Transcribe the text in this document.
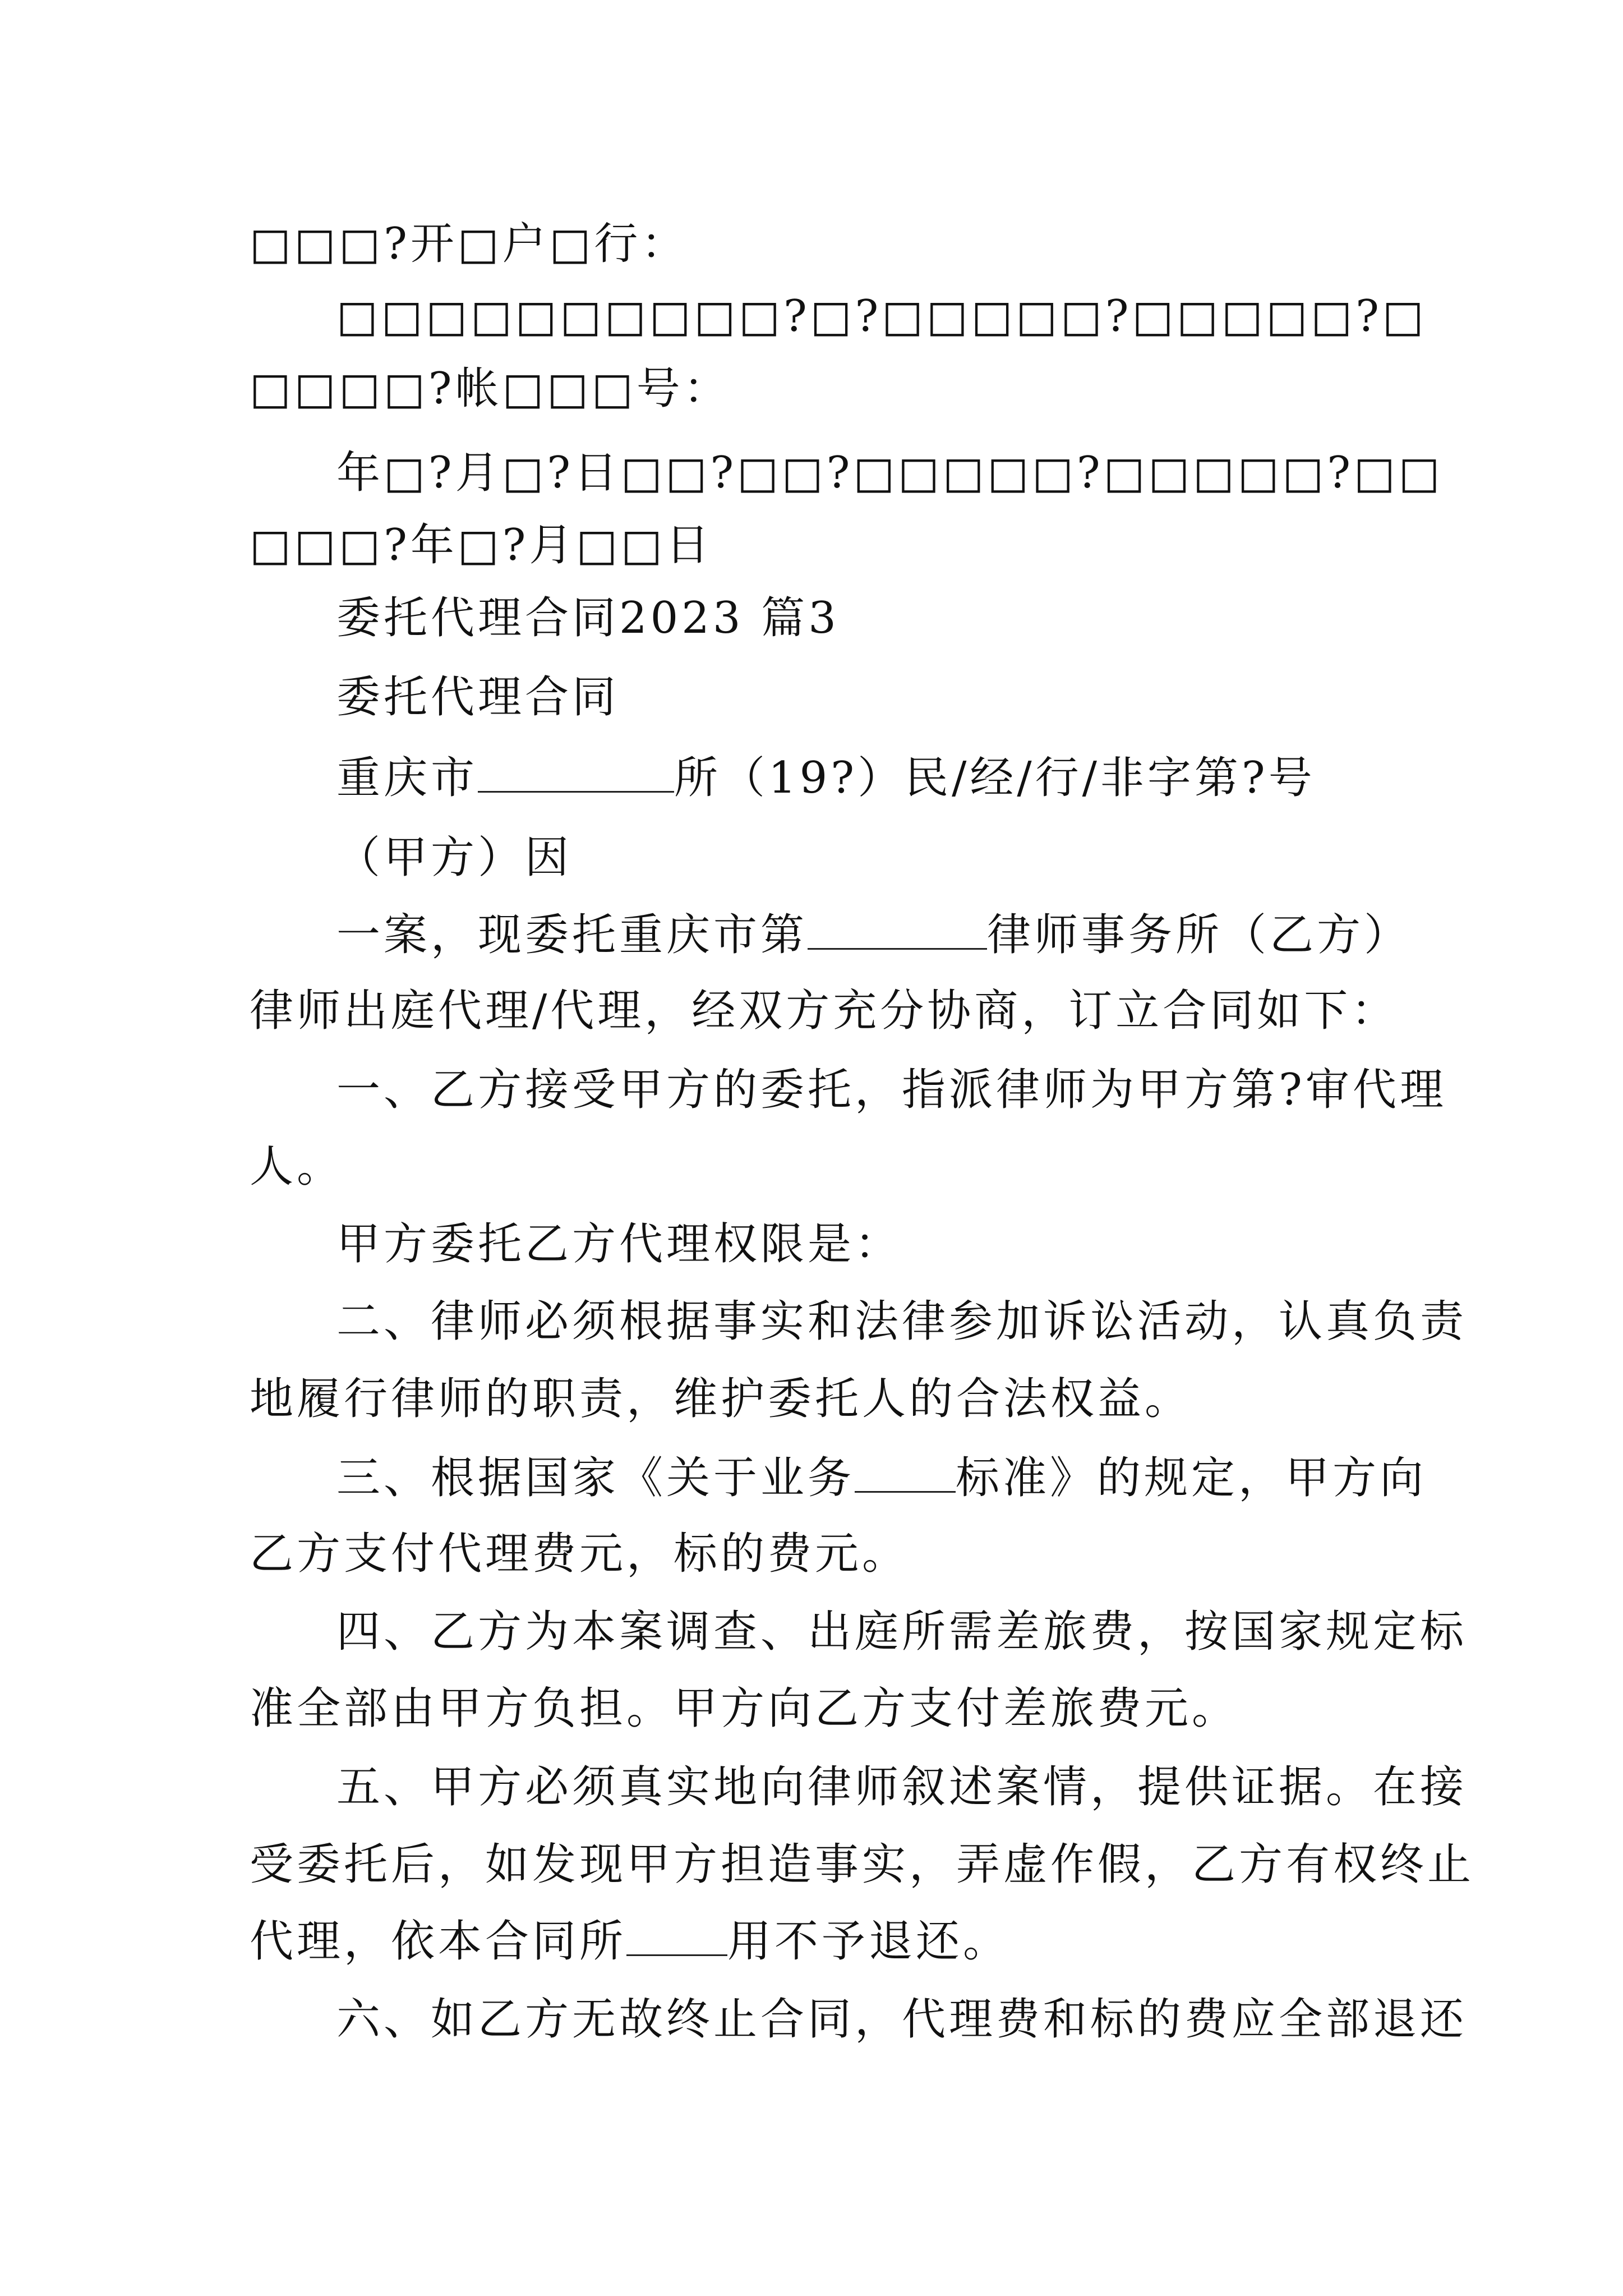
□□□?开□户□行：
□□□□□□□□□□?□?□□□□□?□□□□□?□
□□□□?帐□□□号：
年□?月□?日□□?□□?□□□□□?□□□□□?□□
□□□?年□?月□□日
委托代理合同2023 篇3
委托代理合同
重庆市	所（19?）民/经/行/非字第?号
（甲方）因
一案，现委托重庆市第	律师事务所（乙方）
律师出庭代理/代理，经双方充分协商，订立合同如下：
一、乙方接受甲方的委托，指派律师为甲方第?审代理
人。
甲方委托乙方代理权限是：
二、律师必须根据事实和法律参加诉讼活动，认真负责
地履行律师的职责，维护委托人的合法权益。
三、根据国家《关于业务 标准》的规定，甲方向
乙方支付代理费元，标的费元。
四、乙方为本案调查、出庭所需差旅费，按国家规定标
准全部由甲方负担。甲方向乙方支付差旅费元。
五、甲方必须真实地向律师叙述案情，提供证据。在接
受委托后，如发现甲方担造事实，弄虚作假，乙方有权终止
代理，依本合同所 用不予退还。
六、如乙方无故终止合同，代理费和标的费应全部退还
